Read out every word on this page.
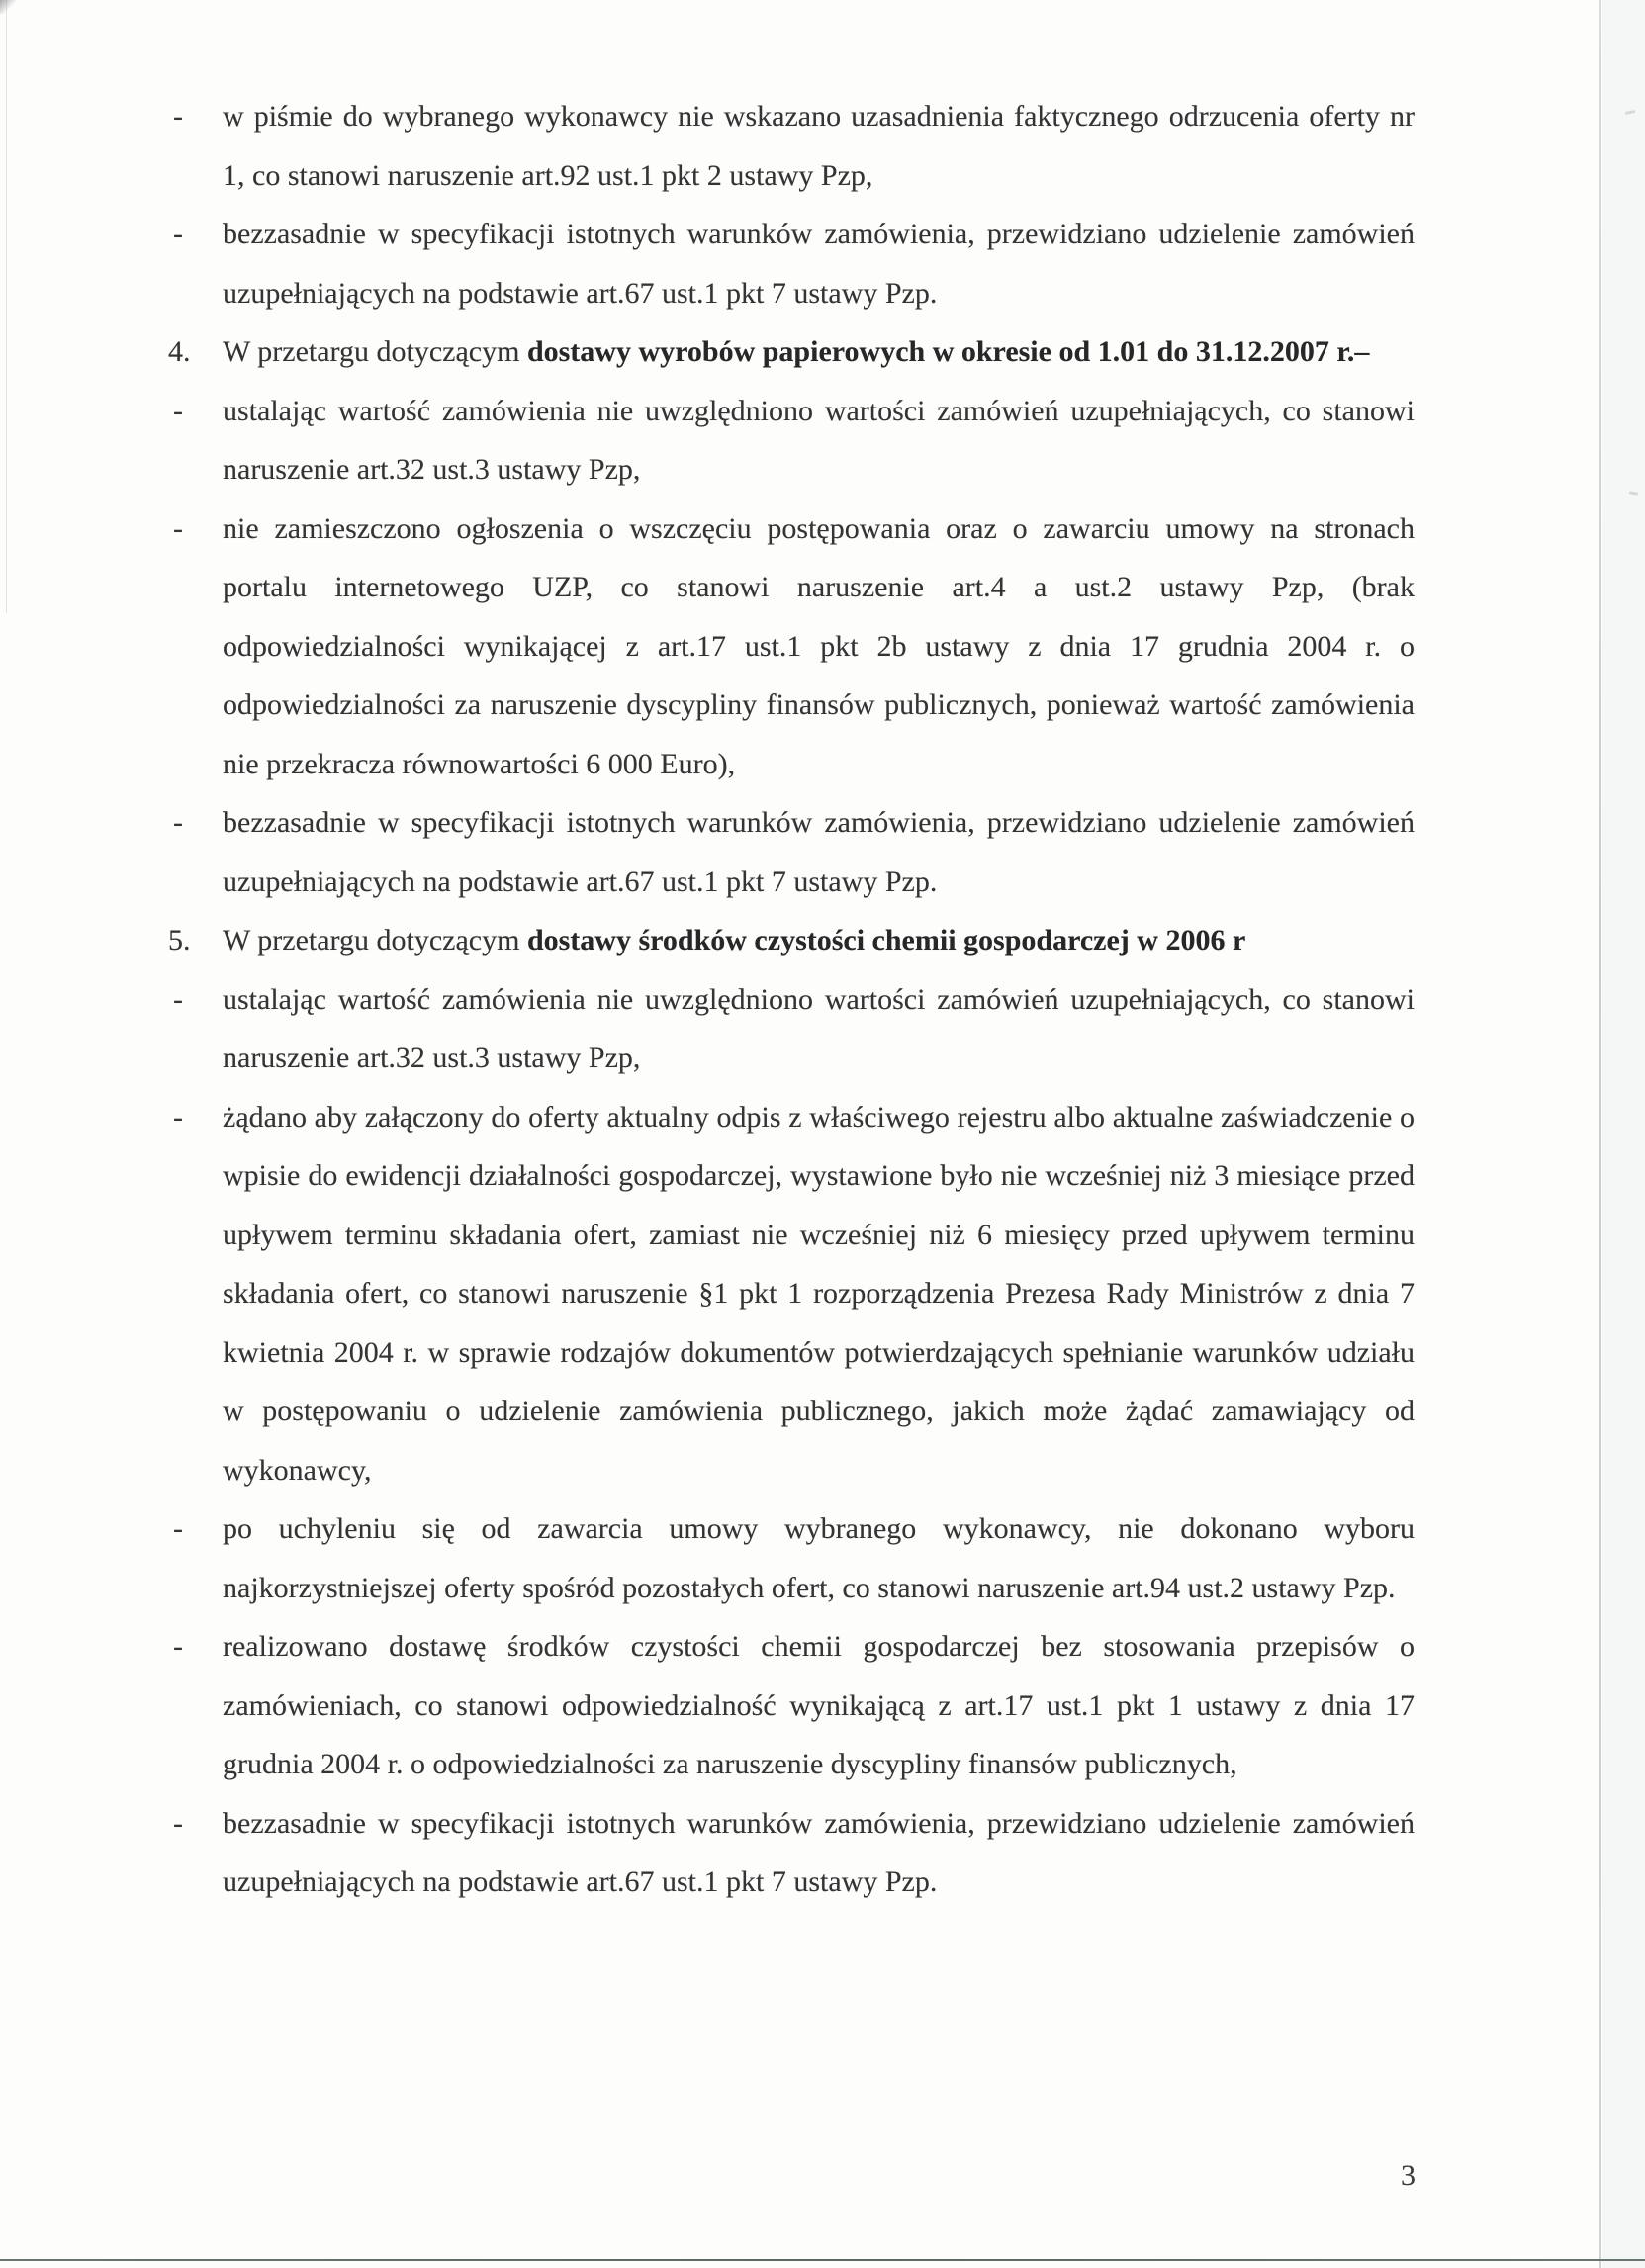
- w piśmie do wybranego wykonawcy nie wskazano uzasadnienia faktycznego odrzucenia oferty nr 1, co stanowi naruszenie art.92 ust.1 pkt 2 ustawy Pzp,
- bezzasadnie w specyfikacji istotnych warunków zamówienia, przewidziano udzielenie zamówień uzupełniających na podstawie art.67 ust.1 pkt 7 ustawy Pzp.
4. W przetargu dotyczącym dostawy wyrobów papierowych w okresie od 1.01 do 31.12.2007 r.–
- ustalając wartość zamówienia nie uwzględniono wartości zamówień uzupełniających, co stanowi naruszenie art.32 ust.3 ustawy Pzp,
- nie zamieszczono ogłoszenia o wszczęciu postępowania oraz o zawarciu umowy na stronach portalu internetowego UZP, co stanowi naruszenie art.4 a ust.2 ustawy Pzp, (brak odpowiedzialności wynikającej z art.17 ust.1 pkt 2b ustawy z dnia 17 grudnia 2004 r. o odpowiedzialności za naruszenie dyscypliny finansów publicznych, ponieważ wartość zamówienia nie przekracza równowartości 6 000 Euro),
- bezzasadnie w specyfikacji istotnych warunków zamówienia, przewidziano udzielenie zamówień uzupełniających na podstawie art.67 ust.1 pkt 7 ustawy Pzp.
5. W przetargu dotyczącym dostawy środków czystości chemii gospodarczej w 2006 r
- ustalając wartość zamówienia nie uwzględniono wartości zamówień uzupełniających, co stanowi naruszenie art.32 ust.3 ustawy Pzp,
- żądano aby załączony do oferty aktualny odpis z właściwego rejestru albo aktualne zaświadczenie o wpisie do ewidencji działalności gospodarczej, wystawione było nie wcześniej niż 3 miesiące przed upływem terminu składania ofert, zamiast nie wcześniej niż 6 miesięcy przed upływem terminu składania ofert, co stanowi naruszenie §1 pkt 1 rozporządzenia Prezesa Rady Ministrów z dnia 7 kwietnia 2004 r. w sprawie rodzajów dokumentów potwierdzających spełnianie warunków udziału w postępowaniu o udzielenie zamówienia publicznego, jakich może żądać zamawiający od wykonawcy,
- po uchyleniu się od zawarcia umowy wybranego wykonawcy, nie dokonano wyboru najkorzystniejszej oferty spośród pozostałych ofert, co stanowi naruszenie art.94 ust.2 ustawy Pzp.
- realizowano dostawę środków czystości chemii gospodarczej bez stosowania przepisów o zamówieniach, co stanowi odpowiedzialność wynikającą z art.17 ust.1 pkt 1 ustawy z dnia 17 grudnia 2004 r. o odpowiedzialności za naruszenie dyscypliny finansów publicznych,
- bezzasadnie w specyfikacji istotnych warunków zamówienia, przewidziano udzielenie zamówień uzupełniających na podstawie art.67 ust.1 pkt 7 ustawy Pzp.
3
